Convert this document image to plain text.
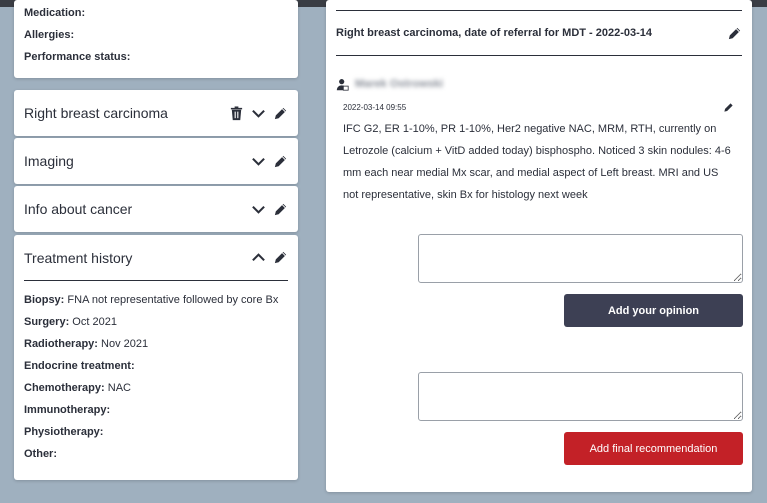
Medication:
Allergies:
Performance status:
Right breast carcinoma
Imaging
Info about cancer
Treatment history
Biopsy: FNA not representative followed by core Bx
Surgery: Oct 2021
Radiotherapy: Nov 2021
Endocrine treatment:
Chemotherapy: NAC
Immunotherapy:
Physiotherapy:
Other:
Right breast carcinoma, date of referral for MDT - 2022-03-14
Marek Ostrowski
2022-03-14 09:55
IFC G2, ER 1-10%, PR 1-10%, Her2 negative NAC, MRM, RTH, currently on Letrozole (calcium + VitD added today) bisphospho. Noticed 3 skin nodules: 4-6 mm each near medial Mx scar, and medial aspect of Left breast. MRI and US not representative, skin Bx for histology next week
Add your opinion
Add final recommendation
